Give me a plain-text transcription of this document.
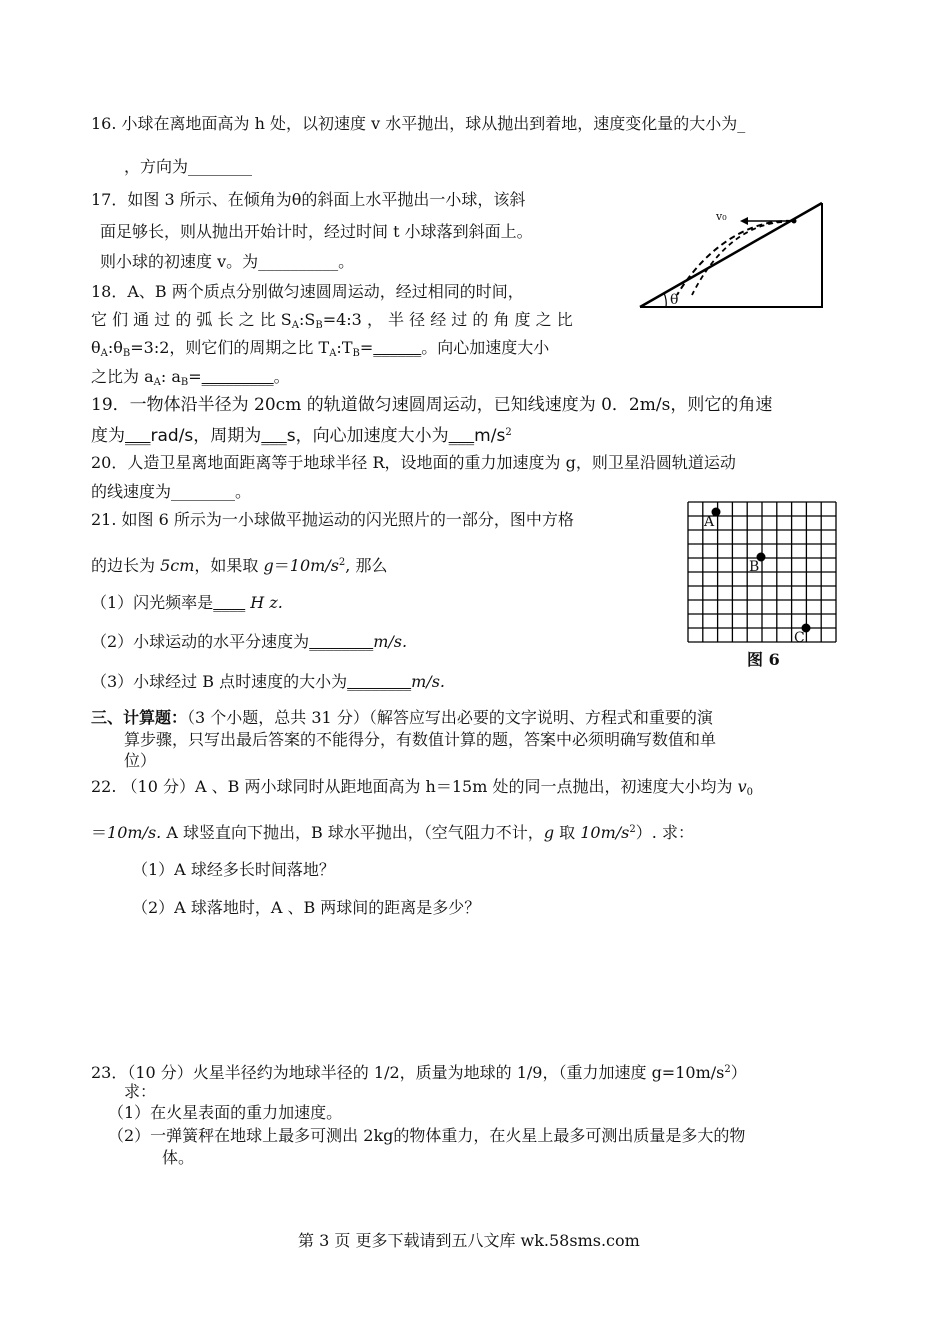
16. 小球在离地面高为 h 处，以初速度 v 水平抛出，球从抛出到着地，速度变化量的大小为_
，方向为________
17．如图 3 所示、在倾角为θ的斜面上水平抛出一小球，该斜
面足够长，则从抛出开始计时，经过时间 t 小球落到斜面上。
则小球的初速度 v。为__________。
θ
v₀
18．A、B 两个质点分别做匀速圆周运动，经过相同的时间，
它 们 通 过 的 弧 长 之 比 $S_A:S_B=4:3$ ， 半 径 经 过 的 角 度 之 比
$\theta_A:\theta_B=3:2$，则它们的周期之比 $T_A:T_B=\_\_\_\_\_\_$。向心加速度大小
之比为 $a_A$: $a_B=\_\_\_\_\_\_\_\_\_$。
19．一物体沿半径为 20cm 的轨道做匀速圆周运动，已知线速度为 0．2m/s，则它的角速
度为___rad/s，周期为___s，向心加速度大小为$\_\_\_m/s^2$
20．人造卫星离地面距离等于地球半径 R，设地面的重力加速度为 g，则卫星沿圆轨道运动
的线速度为________。
21. 如图 6 所示为一小球做平抛运动的闪光照片的一部分，图中方格
的边长为 5cm，如果取 $g=10m/s^2$, 那么
（1）闪光频率是____ H z.
（2）小球运动的水平分速度为________m/s.
（3）小球经过 B 点时速度的大小为________m/s.
A
B
C
图 6
三、计算题：（3 个小题，总共 31 分）（解答应写出必要的文字说明、方程式和重要的演
算步骤，只写出最后答案的不能得分，有数值计算的题，答案中必须明确写数值和单
位）
22. （10 分）A 、B 两小球同时从距地面高为 h＝15m 处的同一点抛出，初速度大小均为 $v_0$
＝10m/s. A 球竖直向下抛出，B 球水平抛出，（空气阻力不计，g 取 $10m/s^2$）. 求：
（1）A 球经多长时间落地？
（2）A 球落地时，A 、B 两球间的距离是多少？
23．（10 分）火星半径约为地球半径的 1/2，质量为地球的 1/9，（重力加速度 $g=10m/s^2$）
求：
（1）在火星表面的重力加速度。
（2）一弹簧秤在地球上最多可测出 2kg的物体重力，在火星上最多可测出质量是多大的物
体。
第 3 页 更多下载请到五八文库 wk.58sms.com
